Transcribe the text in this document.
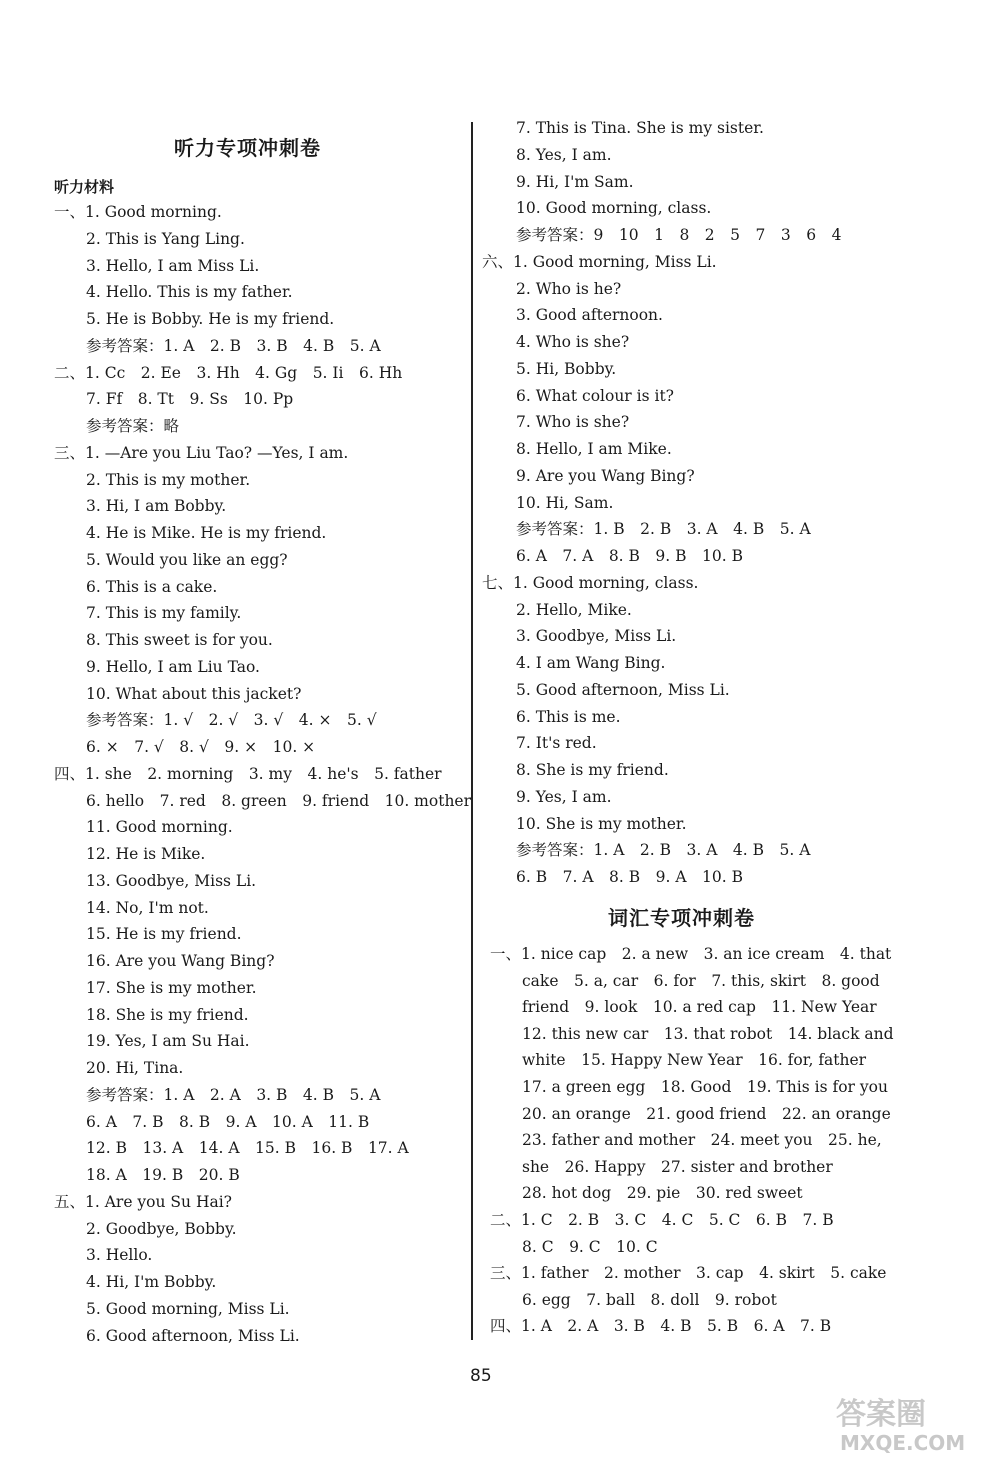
听力专项冲刺卷
听力材料
一、1. Good morning.
2. This is Yang Ling.
3. Hello, I am Miss Li.
4. Hello. This is my father.
5. He is Bobby. He is my friend.
参考答案：1. A　2. B　3. B　4. B　5. A
二、1. Cc　2. Ee　3. Hh　4. Gg　5. Ii　6. Hh
7. Ff　8. Tt　9. Ss　10. Pp
参考答案：略
三、1. —Are you Liu Tao? —Yes, I am.
2. This is my mother.
3. Hi, I am Bobby.
4. He is Mike. He is my friend.
5. Would you like an egg?
6. This is a cake.
7. This is my family.
8. This sweet is for you.
9. Hello, I am Liu Tao.
10. What about this jacket?
参考答案：1. √　2. √　3. √　4. ×　5. √
6. ×　7. √　8. √　9. ×　10. ×
四、1. she　2. morning　3. my　4. he's　5. father
6. hello　7. red　8. green　9. friend　10. mother
11. Good morning.
12. He is Mike.
13. Goodbye, Miss Li.
14. No, I'm not.
15. He is my friend.
16. Are you Wang Bing?
17. She is my mother.
18. She is my friend.
19. Yes, I am Su Hai.
20. Hi, Tina.
参考答案：1. A　2. A　3. B　4. B　5. A
6. A　7. B　8. B　9. A　10. A　11. B
12. B　13. A　14. A　15. B　16. B　17. A
18. A　19. B　20. B
五、1. Are you Su Hai?
2. Goodbye, Bobby.
3. Hello.
4. Hi, I'm Bobby.
5. Good morning, Miss Li.
6. Good afternoon, Miss Li.
7. This is Tina. She is my sister.
8. Yes, I am.
9. Hi, I'm Sam.
10. Good morning, class.
参考答案：9　10　1　8　2　5　7　3　6　4
六、1. Good morning, Miss Li.
2. Who is he?
3. Good afternoon.
4. Who is she?
5. Hi, Bobby.
6. What colour is it?
7. Who is she?
8. Hello, I am Mike.
9. Are you Wang Bing?
10. Hi, Sam.
参考答案：1. B　2. B　3. A　4. B　5. A
6. A　7. A　8. B　9. B　10. B
七、1. Good morning, class.
2. Hello, Mike.
3. Goodbye, Miss Li.
4. I am Wang Bing.
5. Good afternoon, Miss Li.
6. This is me.
7. It's red.
8. She is my friend.
9. Yes, I am.
10. She is my mother.
参考答案：1. A　2. B　3. A　4. B　5. A
6. B　7. A　8. B　9. A　10. B
词汇专项冲刺卷
一、1. nice cap　2. a new　3. an ice cream　4. that
cake　5. a, car　6. for　7. this, skirt　8. good
friend　9. look　10. a red cap　11. New Year
12. this new car　13. that robot　14. black and
white　15. Happy New Year　16. for, father
17. a green egg　18. Good　19. This is for you
20. an orange　21. good friend　22. an orange
23. father and mother　24. meet you　25. he,
she　26. Happy　27. sister and brother
28. hot dog　29. pie　30. red sweet
二、1. C　2. B　3. C　4. C　5. C　6. B　7. B
8. C　9. C　10. C
三、1. father　2. mother　3. cap　4. skirt　5. cake
6. egg　7. ball　8. doll　9. robot
四、1. A　2. A　3. B　4. B　5. B　6. A　7. B
85
答案圈
MXQE.COM
